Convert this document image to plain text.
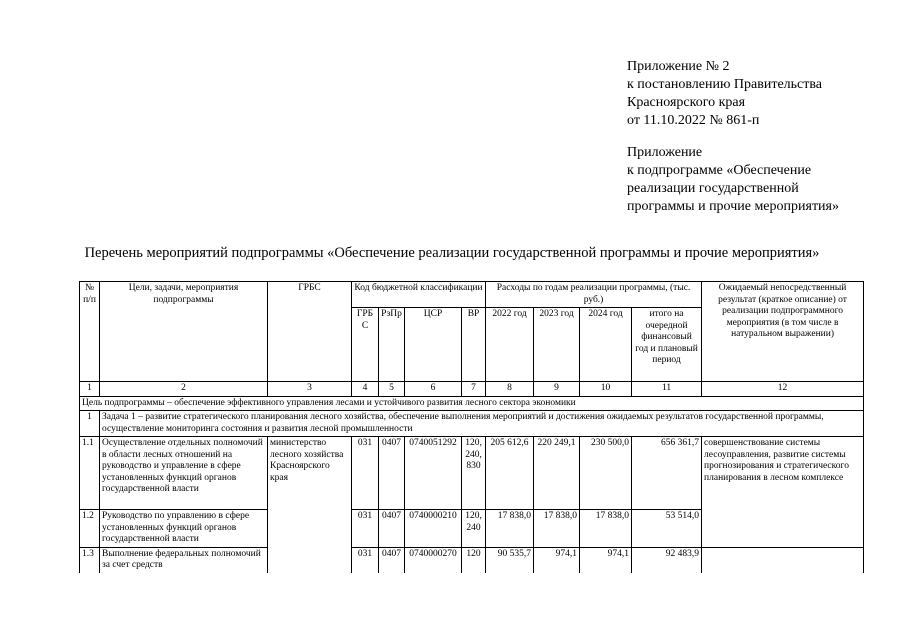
Приложение № 2
к постановлению Правительства
Красноярского края
от 11.10.2022 № 861-п
Приложение
к подпрограмме «Обеспечение
реализации государственной
программы и прочие мероприятия»
Перечень мероприятий подпрограммы «Обеспечение реализации государственной программы и прочие мероприятия»
№ п/п	Цели, задачи, мероприятия подпрограммы	ГРБС	Код бюджетной классификации				Расходы по годам реализации программы, (тыс. руб.)				Ожидаемый непосредственный результат (краткое описание) от реализации подпрограммного мероприятия (в том числе в натуральном выражении)
			ГРБС	РзПр	ЦСР	ВР	2022 год	2023 год	2024 год	итого на очередной финансовый год и плановый период	
1	2	3	4	5	6	7	8	9	10	11	12
Цель подпрограммы – обеспечение эффективного управления лесами и устойчивого развития лесного сектора экономики											
1	Задача 1 – развитие стратегического планирования лесного хозяйства, обеспечение выполнения мероприятий и достижения ожидаемых результатов государственной программы, осуществление мониторинга состояния и развития лесной промышленности										
1.1	Осуществление отдельных полномочий в области лесных отношений на руководство и управление в сфере установленных функций органов государственной власти	министерство лесного хозяйства Красноярского края	031	0407	0740051292	120, 240, 830	205 612,6	220 249,1	230 500,0	656 361,7	совершенствование системы лесоуправления, развитие системы прогнозирования и стратегического планирования в лесном комплексе
1.2	Руководство по управлению в сфере установленных функций органов государственной власти		031	0407	0740000210	120, 240	17 838,0	17 838,0	17 838,0	53 514,0	
1.3	Выполнение федеральных полномочий за счет средств		031	0407	0740000270	120	90 535,7	974,1	974,1	92 483,9	
